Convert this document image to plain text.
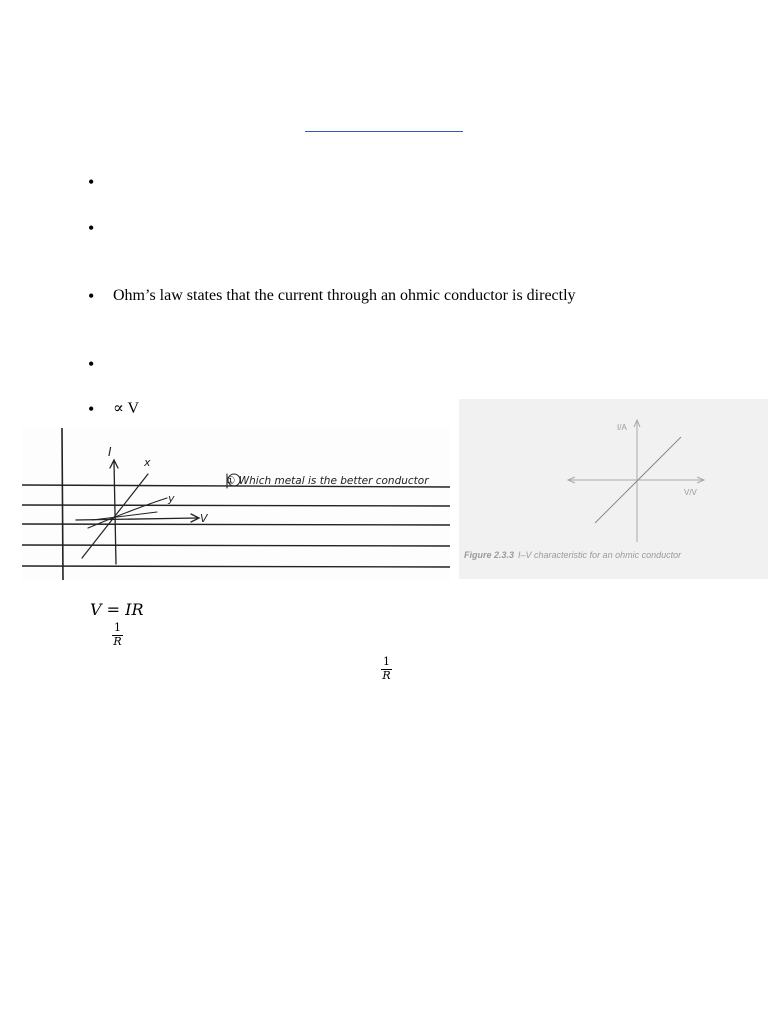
•
•
• Ohm’s law states that the current through an ohmic conductor is directly
•
• ∝ V
I
V
x
y
① Which metal is the better conductor
I/A
V/V
Figure 2.3.3 I–V characteristic for an ohmic conductor
V = IR
$\frac{1}{R}$
$\frac{1}{R}$
